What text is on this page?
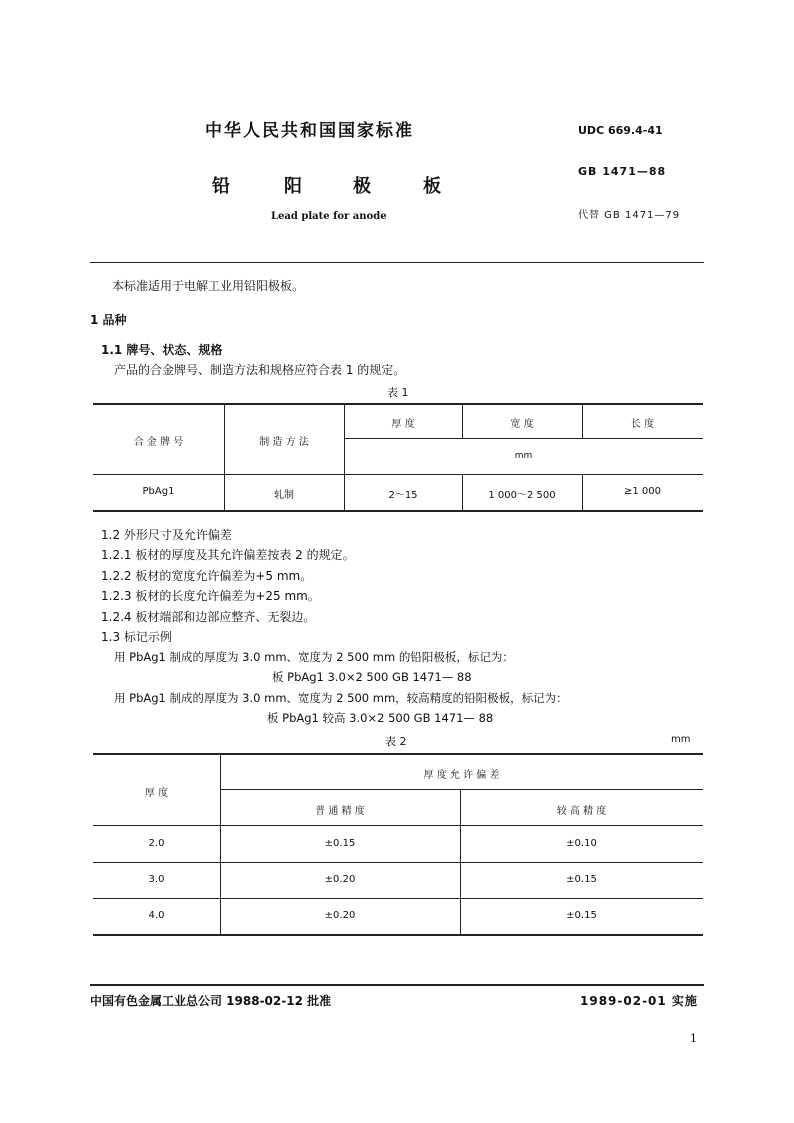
中华人民共和国国家标准
铅	阳	极	板
Lead plate for anode
UDC 669.4-41
GB 1471—88
代替 GB 1471—79
本标准适用于电解工业用铅阳极板。
1 品种
1.1 牌号、状态、规格
产品的合金牌号、制造方法和规格应符合表 1 的规定。
表 1
合 金 牌 号	制 造 方 法
厚 度	宽 度	长 度
mm
PbAg1	轧制	2～15	1 000～2 500	≥1 000
1.2 外形尺寸及允许偏差
1.2.1 板材的厚度及其允许偏差按表 2 的规定。
1.2.2 板材的宽度允许偏差为+5 mm。
1.2.3 板材的长度允许偏差为+25 mm。
1.2.4 板材端部和边部应整齐、无裂边。
1.3 标记示例
用 PbAg1 制成的厚度为 3.0 mm、宽度为 2 500 mm 的铅阳极板，标记为：
板 PbAg1 3.0×2 500 GB 1471— 88
用 PbAg1 制成的厚度为 3.0 mm、宽度为 2 500 mm，较高精度的铅阳极板，标记为：
板 PbAg1 较高 3.0×2 500 GB 1471— 88
表 2	mm
厚 度
厚 度 允 许 偏 差
普 通 精 度	较 高 精 度
2.0	±0.15	±0.10
3.0	±0.20	±0.15
4.0	±0.20	±0.15
中国有色金属工业总公司 1988-02-12 批准	1989-02-01 实施
1
